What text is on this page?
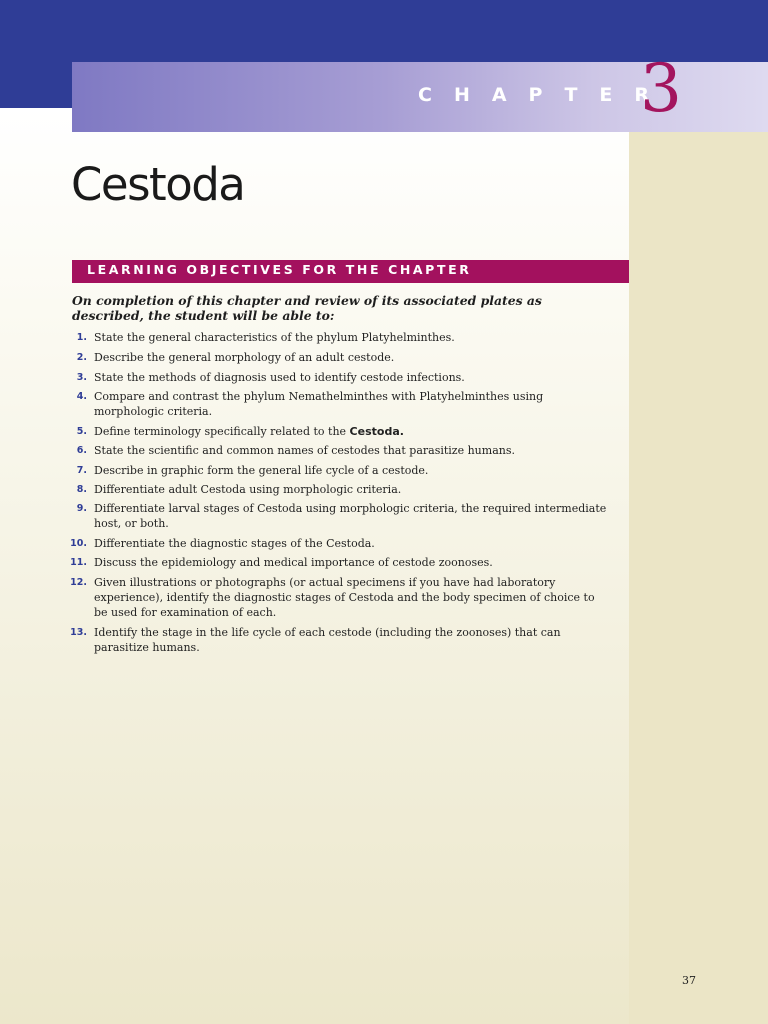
CHAPTER
3
Cestoda
LEARNING OBJECTIVES FOR THE CHAPTER

On completion of this chapter and review of its associated plates as described, the student will be able to:

1. State the general characteristics of the phylum Platyhelminthes.
2. Describe the general morphology of an adult cestode.
3. State the methods of diagnosis used to identify cestode infections.
4. Compare and contrast the phylum Nemathelminthes with Platyhelminthes using morphologic criteria.
5. Define terminology specifically related to the Cestoda.
6. State the scientific and common names of cestodes that parasitize humans.
7. Describe in graphic form the general life cycle of a cestode.
8. Differentiate adult Cestoda using morphologic criteria.
9. Differentiate larval stages of Cestoda using morphologic criteria, the required intermediate host, or both.
10. Differentiate the diagnostic stages of the Cestoda.
11. Discuss the epidemiology and medical importance of cestode zoonoses.
12. Given illustrations or photographs (or actual specimens if you have had laboratory experience), identify the diagnostic stages of Cestoda and the body specimen of choice to be used for examination of each.
13. Identify the stage in the life cycle of each cestode (including the zoonoses) that can parasitize humans.
37
